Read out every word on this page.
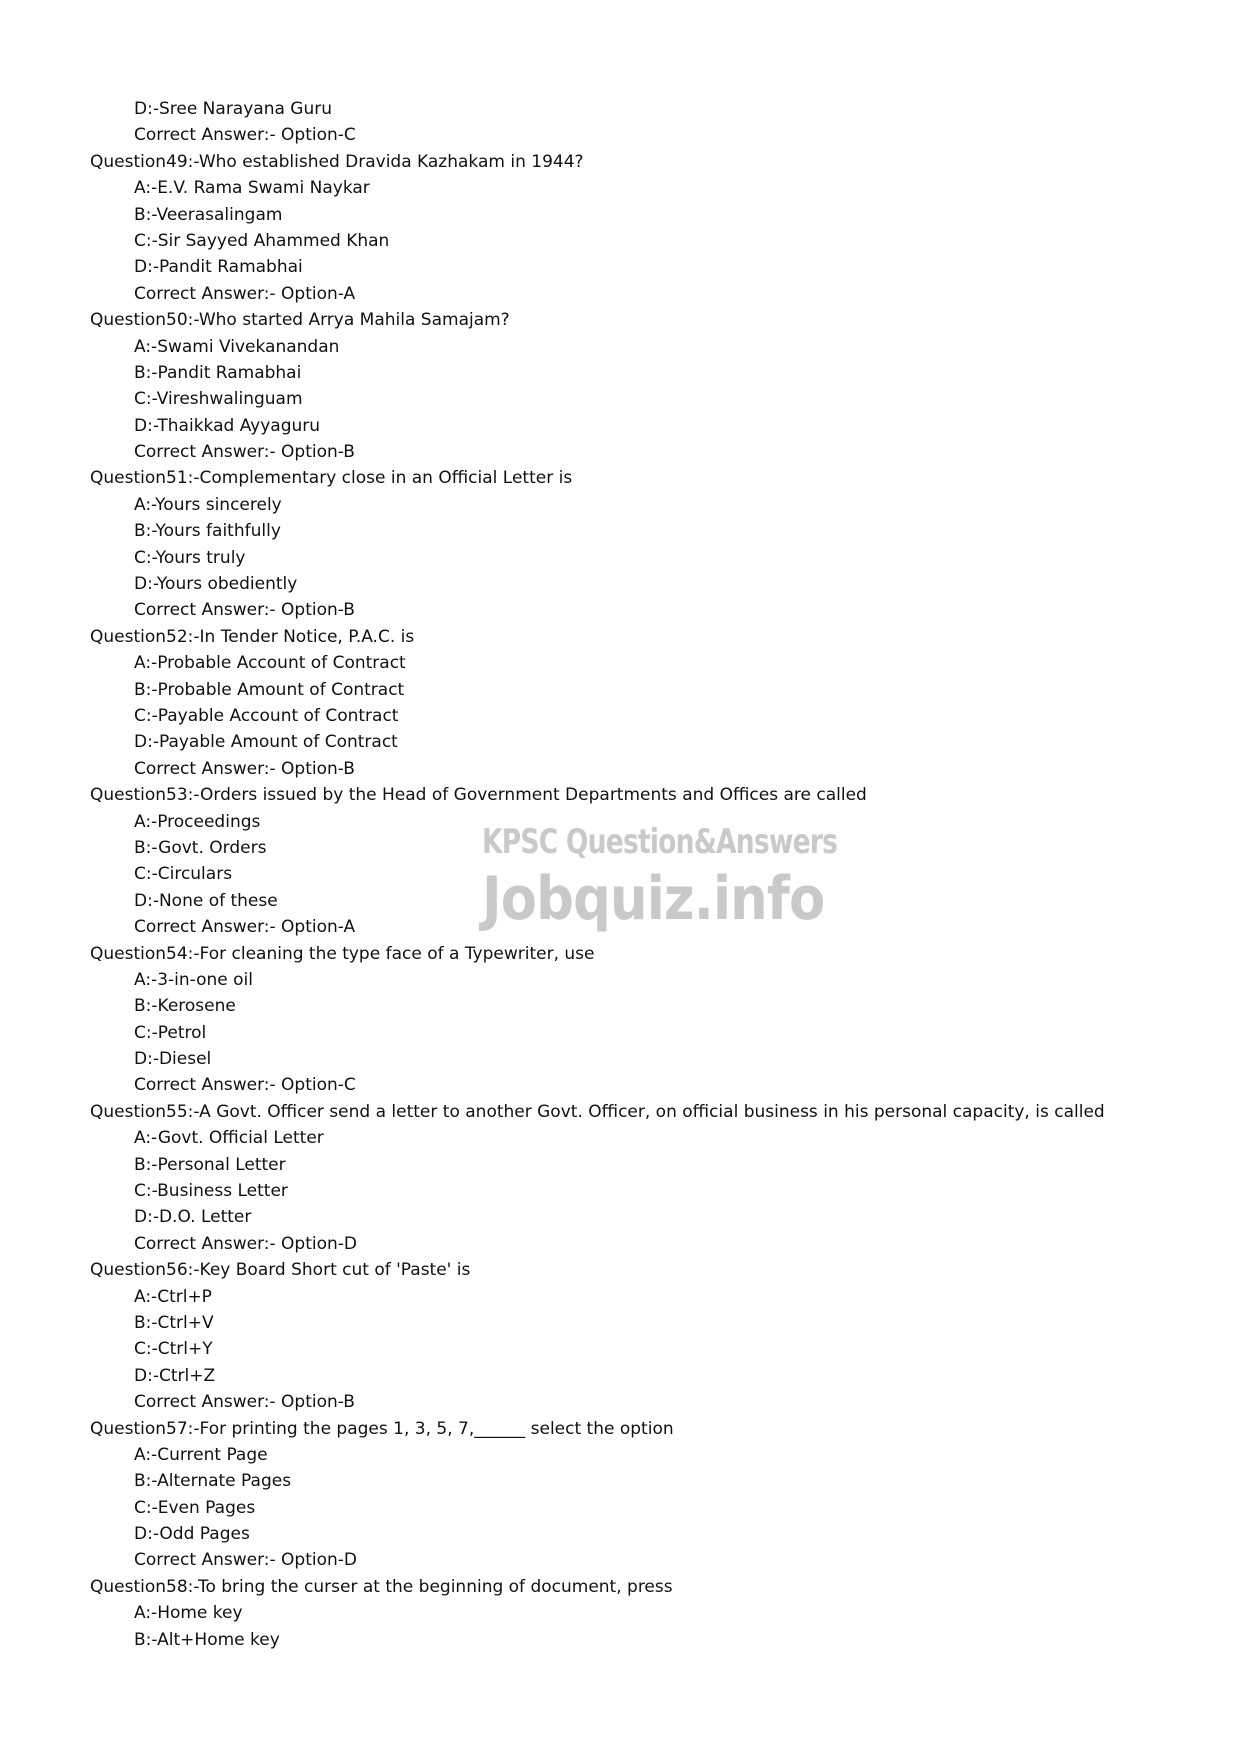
D:-Sree Narayana Guru
Correct Answer:- Option-C
Question49:-Who established Dravida Kazhakam in 1944?
A:-E.V. Rama Swami Naykar
B:-Veerasalingam
C:-Sir Sayyed Ahammed Khan
D:-Pandit Ramabhai
Correct Answer:- Option-A
Question50:-Who started Arrya Mahila Samajam?
A:-Swami Vivekanandan
B:-Pandit Ramabhai
C:-Vireshwalinguam
D:-Thaikkad Ayyaguru
Correct Answer:- Option-B
Question51:-Complementary close in an Official Letter is
A:-Yours sincerely
B:-Yours faithfully
C:-Yours truly
D:-Yours obediently
Correct Answer:- Option-B
Question52:-In Tender Notice, P.A.C. is
A:-Probable Account of Contract
B:-Probable Amount of Contract
C:-Payable Account of Contract
D:-Payable Amount of Contract
Correct Answer:- Option-B
Question53:-Orders issued by the Head of Government Departments and Offices are called
A:-Proceedings
B:-Govt. Orders
C:-Circulars
D:-None of these
Correct Answer:- Option-A
Question54:-For cleaning the type face of a Typewriter, use
A:-3-in-one oil
B:-Kerosene
C:-Petrol
D:-Diesel
Correct Answer:- Option-C
Question55:-A Govt. Officer send a letter to another Govt. Officer, on official business in his personal capacity, is called
A:-Govt. Official Letter
B:-Personal Letter
C:-Business Letter
D:-D.O. Letter
Correct Answer:- Option-D
Question56:-Key Board Short cut of 'Paste' is
A:-Ctrl+P
B:-Ctrl+V
C:-Ctrl+Y
D:-Ctrl+Z
Correct Answer:- Option-B
Question57:-For printing the pages 1, 3, 5, 7,______ select the option
A:-Current Page
B:-Alternate Pages
C:-Even Pages
D:-Odd Pages
Correct Answer:- Option-D
Question58:-To bring the curser at the beginning of document, press
A:-Home key
B:-Alt+Home key
KPSC Question&Answers
Jobquiz.info
